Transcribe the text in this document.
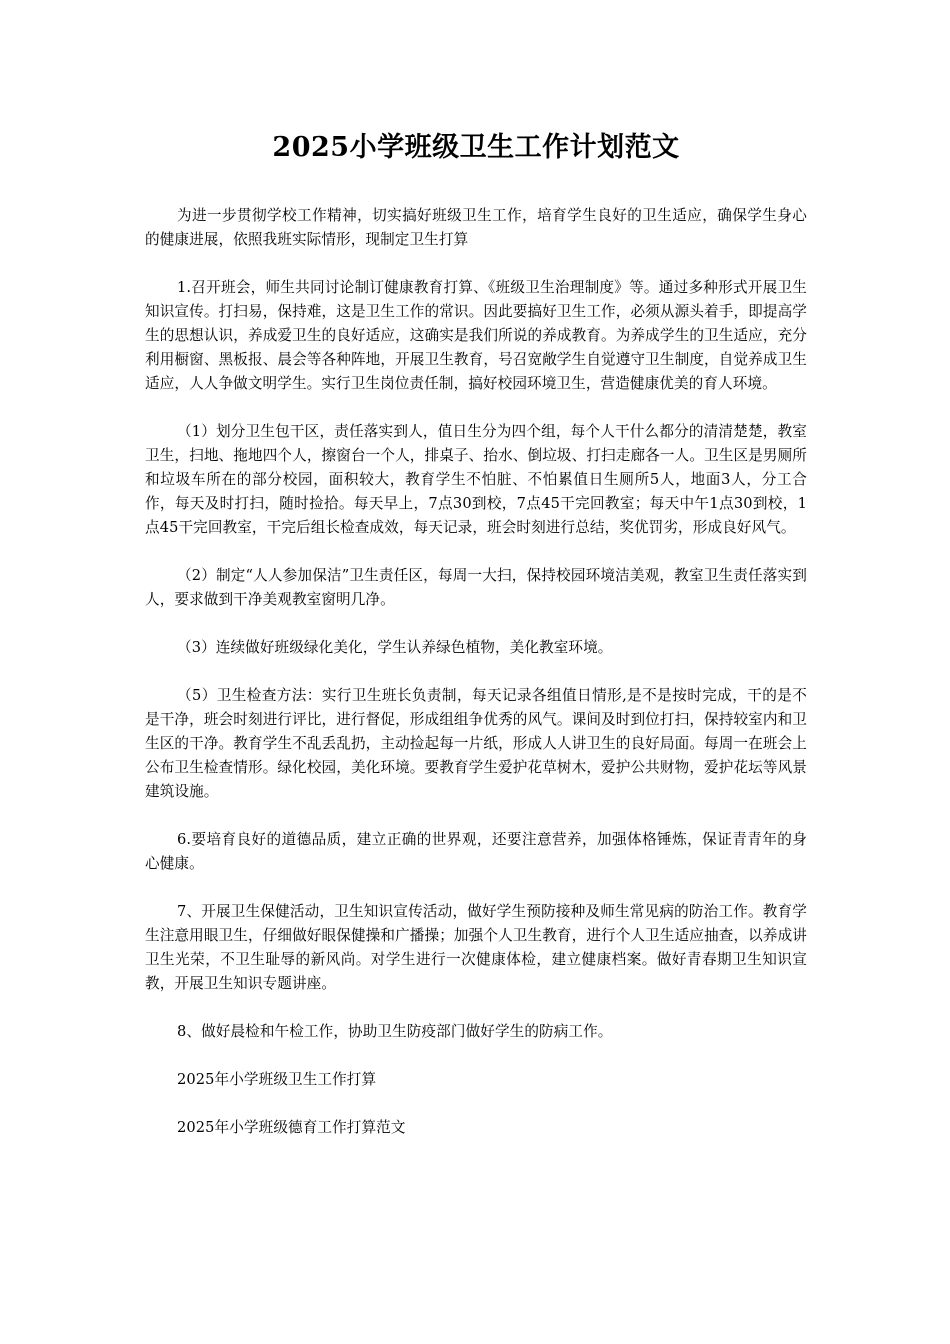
2025小学班级卫生工作计划范文

为进一步贯彻学校工作精神，切实搞好班级卫生工作，培育学生良好的卫生适应，确保学生身心的健康进展，依照我班实际情形，现制定卫生打算

1.召开班会，师生共同讨论制订健康教育打算、《班级卫生治理制度》等。通过多种形式开展卫生知识宣传。打扫易，保持难，这是卫生工作的常识。因此要搞好卫生工作，必须从源头着手，即提高学生的思想认识，养成爱卫生的良好适应，这确实是我们所说的养成教育。为养成学生的卫生适应，充分利用橱窗、黑板报、晨会等各种阵地，开展卫生教育，号召宽敞学生自觉遵守卫生制度，自觉养成卫生适应，人人争做文明学生。实行卫生岗位责任制，搞好校园环境卫生，营造健康优美的育人环境。

（1）划分卫生包干区，责任落实到人，值日生分为四个组，每个人干什么都分的清清楚楚，教室卫生，扫地、拖地四个人，擦窗台一个人，排桌子、抬水、倒垃圾、打扫走廊各一人。卫生区是男厕所和垃圾车所在的部分校园，面积较大，教育学生不怕脏、不怕累值日生厕所5人，地面3人，分工合作，每天及时打扫，随时捡拾。每天早上，7点30到校，7点45干完回教室；每天中午1点30到校，1点45干完回教室，干完后组长检查成效，每天记录，班会时刻进行总结，奖优罚劣，形成良好风气。

（2）制定“人人参加保洁”卫生责任区，每周一大扫，保持校园环境洁美观，教室卫生责任落实到人，要求做到干净美观教室窗明几净。

（3）连续做好班级绿化美化，学生认养绿色植物，美化教室环境。

（5）卫生检查方法：实行卫生班长负责制，每天记录各组值日情形,是不是按时完成，干的是不是干净，班会时刻进行评比，进行督促，形成组组争优秀的风气。课间及时到位打扫，保持较室内和卫生区的干净。教育学生不乱丢乱扔，主动捡起每一片纸，形成人人讲卫生的良好局面。每周一在班会上公布卫生检查情形。绿化校园，美化环境。要教育学生爱护花草树木，爱护公共财物，爱护花坛等风景建筑设施。

6.要培育良好的道德品质，建立正确的世界观，还要注意营养，加强体格锤炼，保证青青年的身心健康。

7、开展卫生保健活动，卫生知识宣传活动，做好学生预防接种及师生常见病的防治工作。教育学生注意用眼卫生，仔细做好眼保健操和广播操；加强个人卫生教育，进行个人卫生适应抽查，以养成讲卫生光荣，不卫生耻辱的新风尚。对学生进行一次健康体检，建立健康档案。做好青春期卫生知识宣教，开展卫生知识专题讲座。

8、做好晨检和午检工作，协助卫生防疫部门做好学生的防病工作。

2025年小学班级卫生工作打算

2025年小学班级德育工作打算范文
